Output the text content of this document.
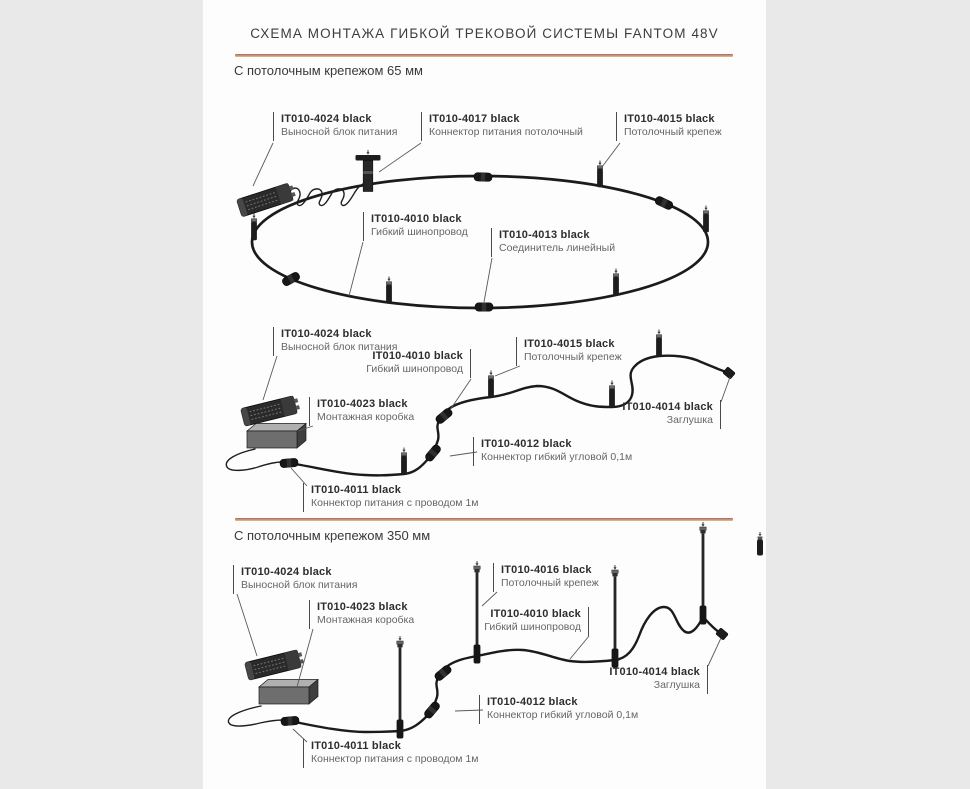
СХЕМА МОНТАЖА ГИБКОЙ ТРЕКОВОЙ СИСТЕМЫ FANTOM 48V
С потолочным крепежом 65 мм
С потолочным крепежом 350 мм
IT010-4024 black
Выносной блок питания
IT010-4017 black
Коннектор питания потолочный
IT010-4015 black
Потолочный крепеж
IT010-4010 black
Гибкий шинопровод	IT010-4013 black
Соединитель линейный
IT010-4024 black
Выносной блок питания
IT010-4010 black
Гибкий шинопровод
IT010-4015 black
Потолочный крепеж
IT010-4023 black
Монтажная коробка
IT010-4012 black
Коннектор гибкий угловой 0,1м
IT010-4011 black
Коннектор питания с проводом 1м
IT010-4014 black
Заглушка
IT010-4024 black
Выносной блок питания
IT010-4023 black
Монтажная коробка
IT010-4016 black
Потолочный крепеж
IT010-4010 black
Гибкий шинопровод
IT010-4012 black
Коннектор гибкий угловой 0,1м
IT010-4011 black
Коннектор питания с проводом 1м
IT010-4014 black
Заглушка
